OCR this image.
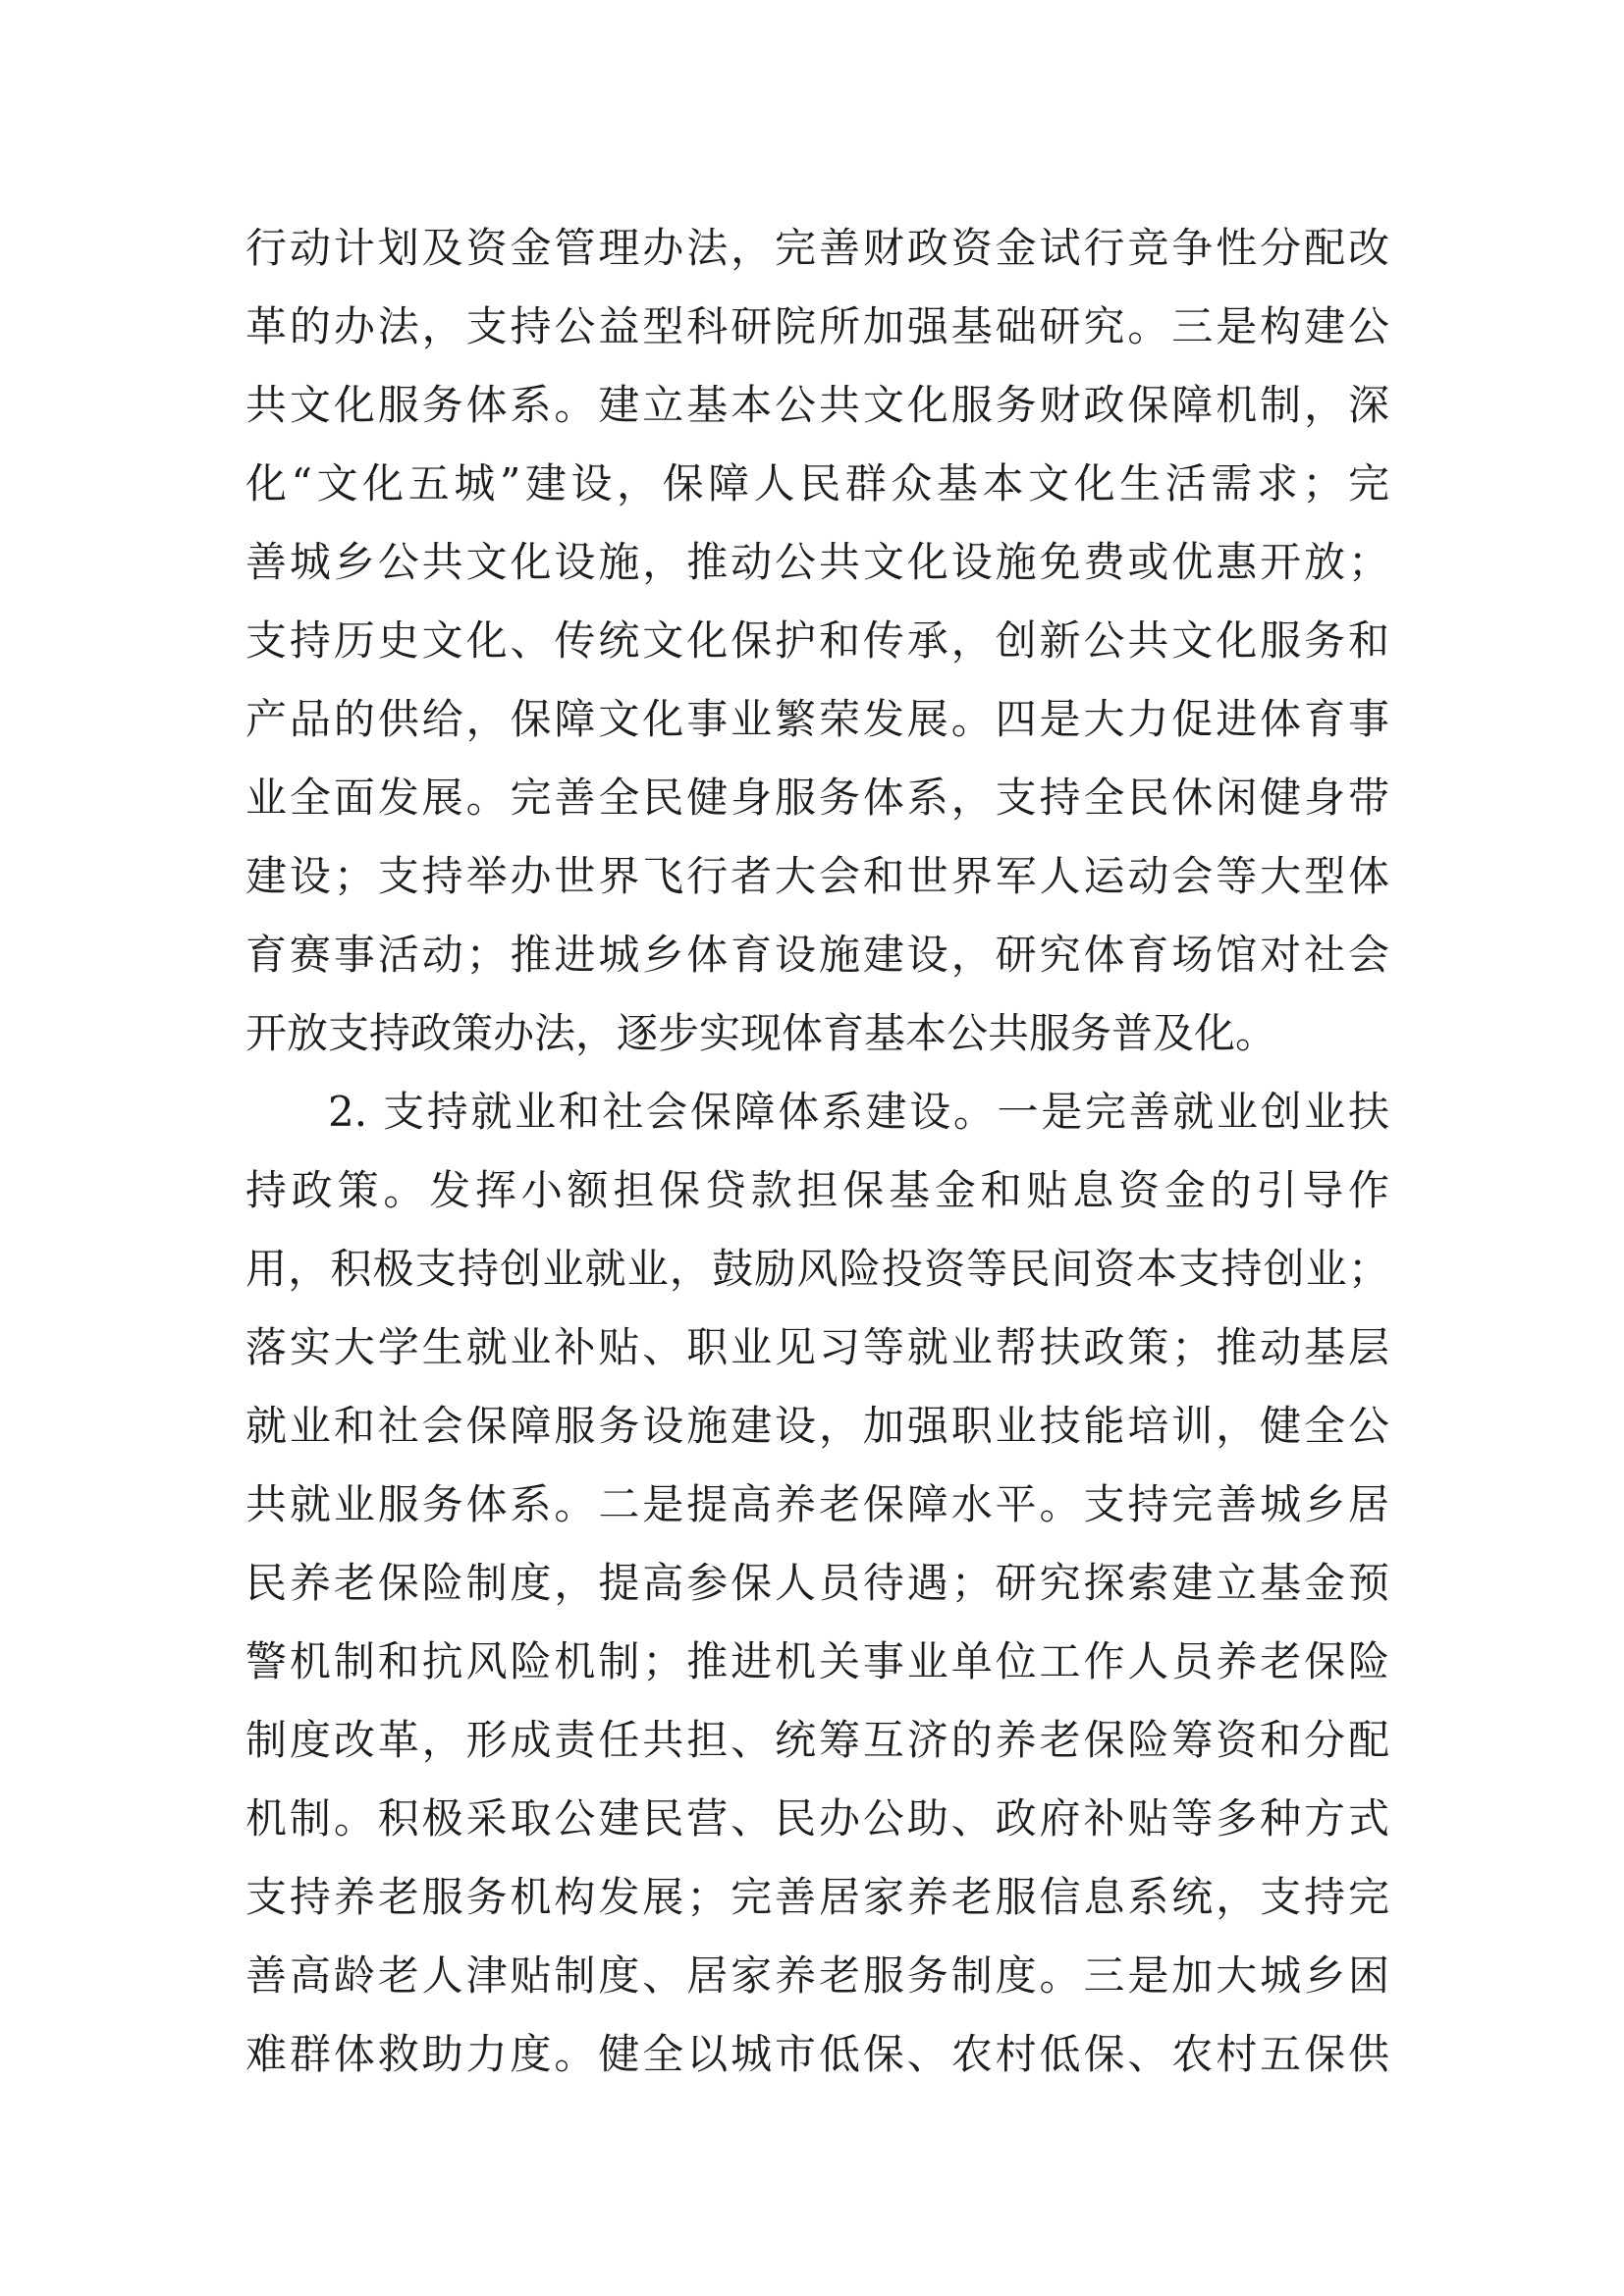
行动计划及资金管理办法，完善财政资金试行竞争性分配改
革的办法，支持公益型科研院所加强基础研究。三是构建公
共文化服务体系。建立基本公共文化服务财政保障机制，深
化“文化五城”建设，保障人民群众基本文化生活需求；完
善城乡公共文化设施，推动公共文化设施免费或优惠开放；
支持历史文化、传统文化保护和传承，创新公共文化服务和
产品的供给，保障文化事业繁荣发展。四是大力促进体育事
业全面发展。完善全民健身服务体系，支持全民休闲健身带
建设；支持举办世界飞行者大会和世界军人运动会等大型体
育赛事活动；推进城乡体育设施建设，研究体育场馆对社会
开放支持政策办法，逐步实现体育基本公共服务普及化。
2. 支持就业和社会保障体系建设。一是完善就业创业扶
持政策。发挥小额担保贷款担保基金和贴息资金的引导作
用，积极支持创业就业，鼓励风险投资等民间资本支持创业；
落实大学生就业补贴、职业见习等就业帮扶政策；推动基层
就业和社会保障服务设施建设，加强职业技能培训，健全公
共就业服务体系。二是提高养老保障水平。支持完善城乡居
民养老保险制度，提高参保人员待遇；研究探索建立基金预
警机制和抗风险机制；推进机关事业单位工作人员养老保险
制度改革，形成责任共担、统筹互济的养老保险筹资和分配
机制。积极采取公建民营、民办公助、政府补贴等多种方式
支持养老服务机构发展；完善居家养老服信息系统，支持完
善高龄老人津贴制度、居家养老服务制度。三是加大城乡困
难群体救助力度。健全以城市低保、农村低保、农村五保供
